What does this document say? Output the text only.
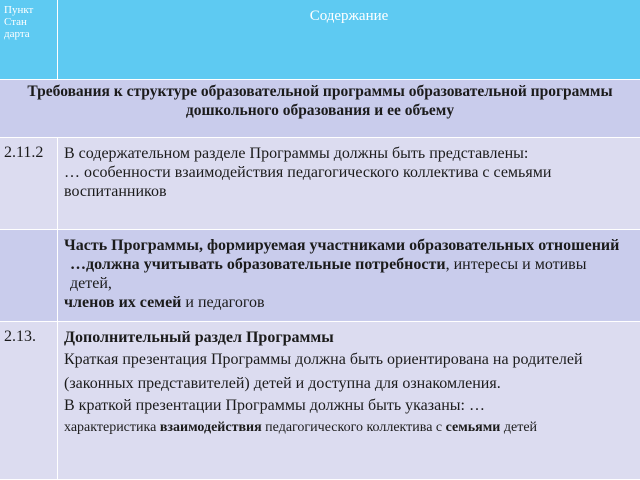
Пункт
Стан
дарта
Содержание
Требования к структуре образовательной программы образовательной программы
дошкольного образования и ее объему
2.11.2	В содержательном разделе Программы должны быть представлены:
… особенности взаимодействия педагогического коллектива с семьями
воспитанников
Часть Программы, формируемая участниками образовательных отношений
…должна учитывать образовательные потребности, интересы и мотивы детей,
членов их семей и педагогов
2.13.	Дополнительный раздел Программы
Краткая презентация Программы должна быть ориентирована на родителей
(законных представителей) детей и доступна для ознакомления.
В краткой презентации Программы должны быть указаны: …
характеристика взаимодействия педагогического коллектива с семьями детей
